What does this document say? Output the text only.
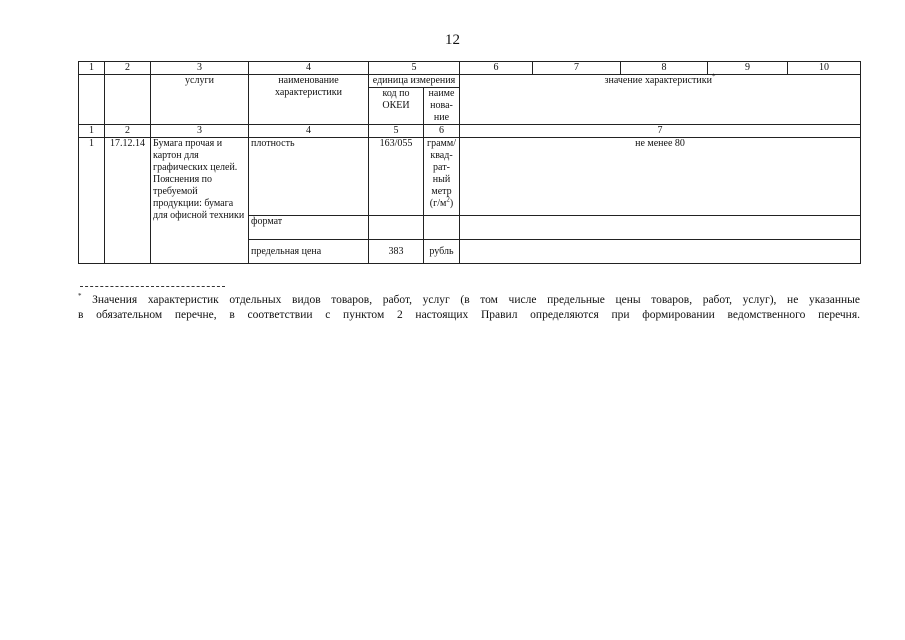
12
1	2	3	4	5		6	7	8	9	10
		услуги	наименование характеристики	единица измерения		значение характеристики*
				код по ОКЕИ	наиме нова- ние					
1	2	3	4	5	6	7				
1	17.12.14	Бумага прочая и картон для графических целей. Пояснения по требуемой продукции: бумага для офисной техники	плотность	163/055	грамм/ квад- рат- ный метр $(г/м^2)$	не менее 80				
			формат							
			предельная цена	383	рубль					
* Значения характеристик отдельных видов товаров, работ, услуг (в том числе предельные цены товаров, работ, услуг), не указанные
в обязательном перечне, в соответствии с пунктом 2 настоящих Правил определяются при формировании ведомственного перечня.
